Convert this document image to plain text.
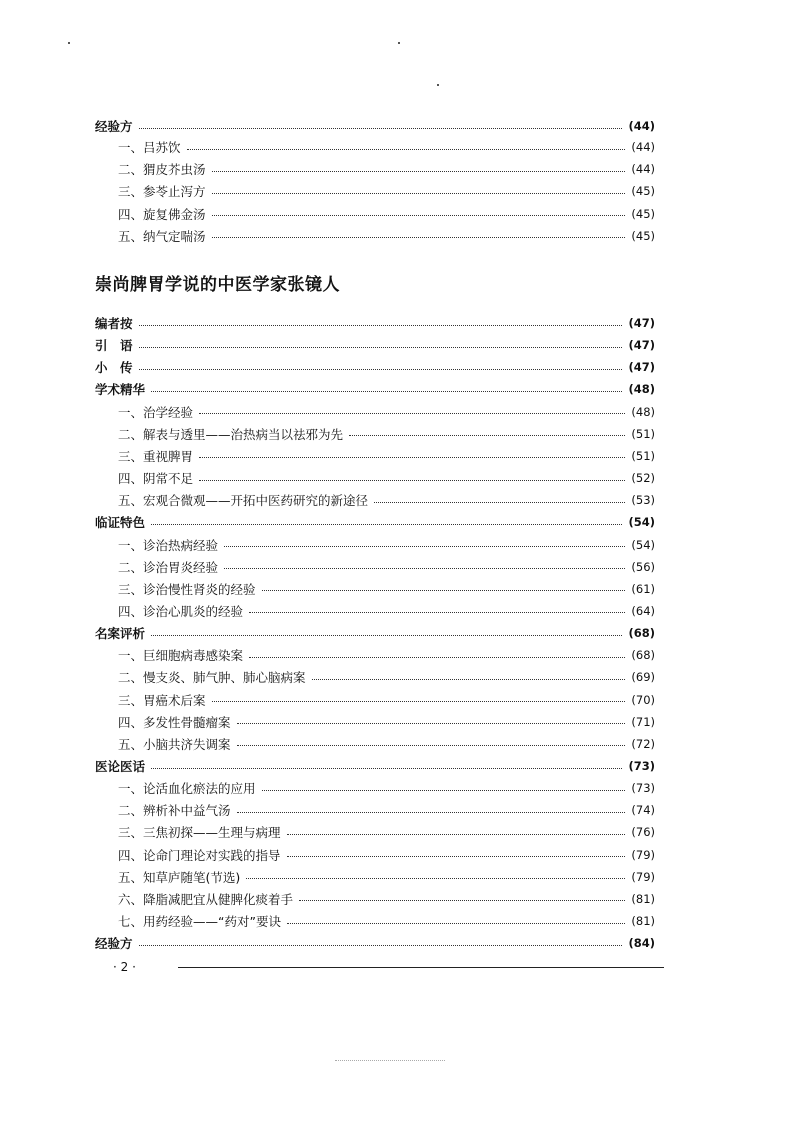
经验方	(44)
一、吕苏饮	(44)
二、猬皮芥虫汤	(44)
三、参苓止泻方	(45)
四、旋复佛金汤	(45)
五、纳气定喘汤	(45)
崇尚脾胃学说的中医学家张镜人
编者按	(47)
引　语	(47)
小　传	(47)
学术精华	(48)
一、治学经验	(48)
二、解表与透里——治热病当以祛邪为先	(51)
三、重视脾胃	(51)
四、阴常不足	(52)
五、宏观合微观——开拓中医药研究的新途径	(53)
临证特色	(54)
一、诊治热病经验	(54)
二、诊治胃炎经验	(56)
三、诊治慢性肾炎的经验	(61)
四、诊治心肌炎的经验	(64)
名案评析	(68)
一、巨细胞病毒感染案	(68)
二、慢支炎、肺气肿、肺心脑病案	(69)
三、胃癌术后案	(70)
四、多发性骨髓瘤案	(71)
五、小脑共济失调案	(72)
医论医话	(73)
一、论活血化瘀法的应用	(73)
二、辨析补中益气汤	(74)
三、三焦初探——生理与病理	(76)
四、论命门理论对实践的指导	(79)
五、知草庐随笔(节选)	(79)
六、降脂减肥宜从健脾化痰着手	(81)
七、用药经验——“药对”要诀	(81)
经验方	(84)
· 2 ·
